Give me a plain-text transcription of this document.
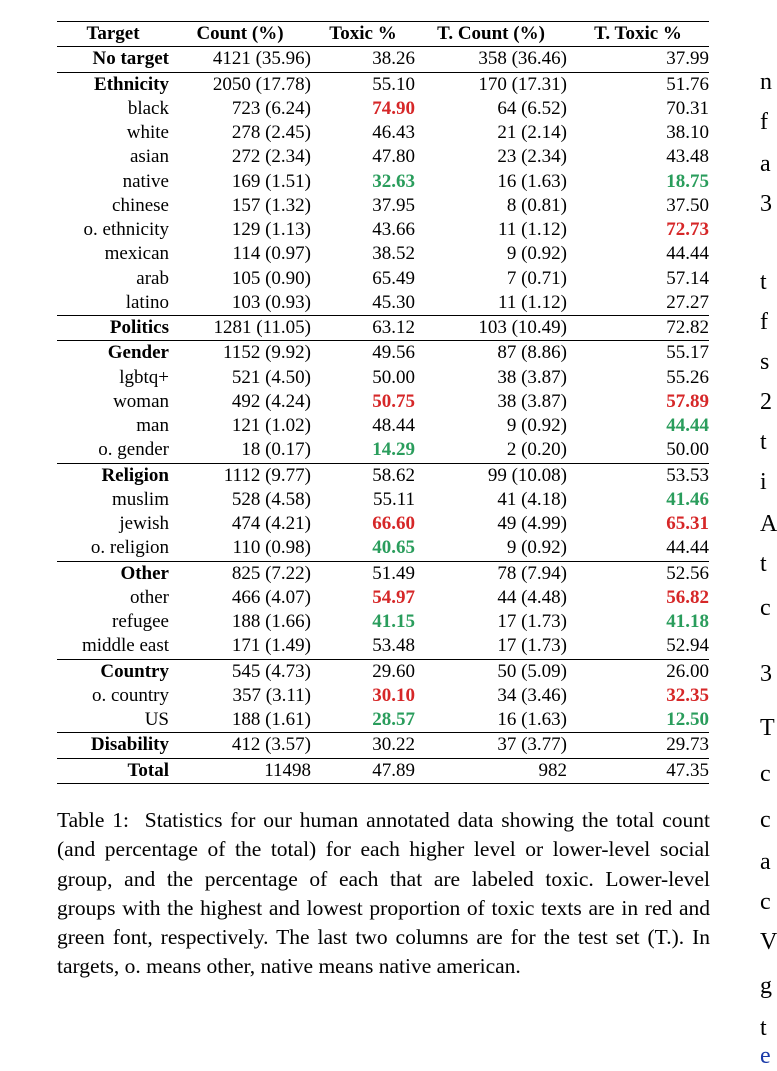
Target	Count (%)	Toxic %	T. Count (%)	T. Toxic %
No target	4121 (35.96)	38.26	358 (36.46)	37.99
Ethnicity	2050 (17.78)	55.10	170 (17.31)	51.76
black	723 (6.24)	74.90	64 (6.52)	70.31
white	278 (2.45)	46.43	21 (2.14)	38.10
asian	272 (2.34)	47.80	23 (2.34)	43.48
native	169 (1.51)	32.63	16 (1.63)	18.75
chinese	157 (1.32)	37.95	8 (0.81)	37.50
o. ethnicity	129 (1.13)	43.66	11 (1.12)	72.73
mexican	114 (0.97)	38.52	9 (0.92)	44.44
arab	105 (0.90)	65.49	7 (0.71)	57.14
latino	103 (0.93)	45.30	11 (1.12)	27.27
Politics	1281 (11.05)	63.12	103 (10.49)	72.82
Gender	1152 (9.92)	49.56	87 (8.86)	55.17
lgbtq+	521 (4.50)	50.00	38 (3.87)	55.26
woman	492 (4.24)	50.75	38 (3.87)	57.89
man	121 (1.02)	48.44	9 (0.92)	44.44
o. gender	18 (0.17)	14.29	2 (0.20)	50.00
Religion	1112 (9.77)	58.62	99 (10.08)	53.53
muslim	528 (4.58)	55.11	41 (4.18)	41.46
jewish	474 (4.21)	66.60	49 (4.99)	65.31
o. religion	110 (0.98)	40.65	9 (0.92)	44.44
Other	825 (7.22)	51.49	78 (7.94)	52.56
other	466 (4.07)	54.97	44 (4.48)	56.82
refugee	188 (1.66)	41.15	17 (1.73)	41.18
middle east	171 (1.49)	53.48	17 (1.73)	52.94
Country	545 (4.73)	29.60	50 (5.09)	26.00
o. country	357 (3.11)	30.10	34 (3.46)	32.35
US	188 (1.61)	28.57	16 (1.63)	12.50
Disability	412 (3.57)	30.22	37 (3.77)	29.73
Total	11498	47.89	982	47.35

Table 1: Statistics for our human annotated data showing the total count (and percentage of the total) for each higher level or lower-level social group, and the percentage of each that are labeled toxic. Lower-level groups with the highest and lowest proportion of toxic texts are in red and green font, respectively. The last two columns are for the test set (T.). In targets, o. means other, native means native american.

n
f
a
3
t
f
s
2
t
i
A
t
c
3
T
c
c
a
c
V
g
t
e
